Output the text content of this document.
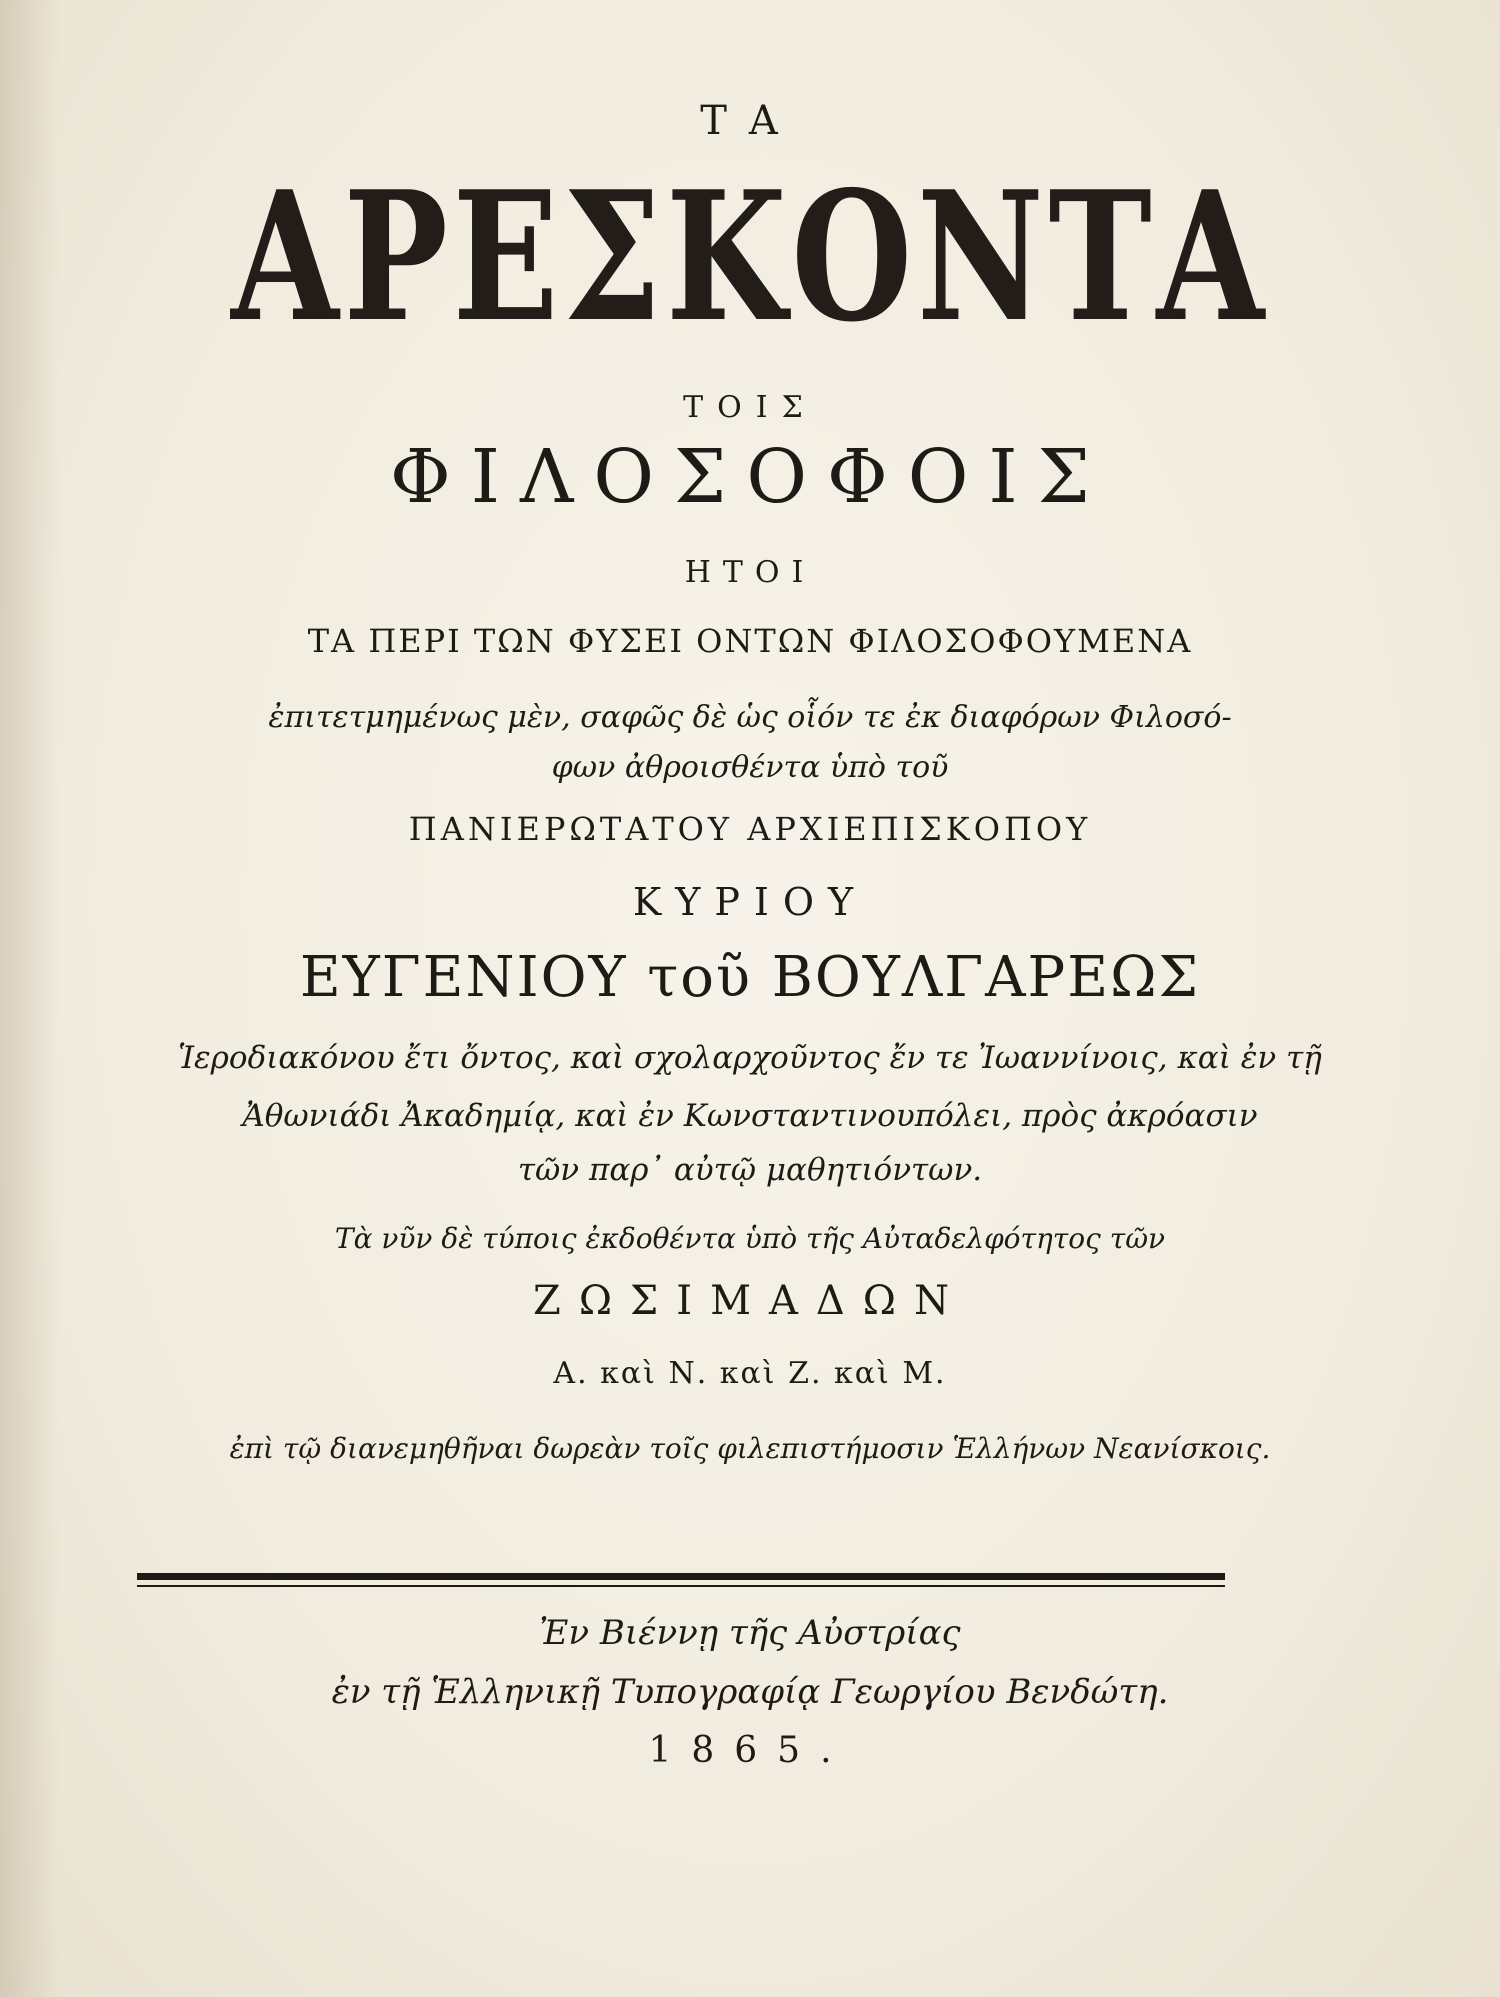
ΤΑ
ΑΡΕΣΚΟΝΤΑ
ΤΟΙΣ
ΦΙΛΟΣΟΦΟΙΣ
ΗΤΟΙ
ΤΑ ΠΕΡΙ ΤΩΝ ΦΥΣΕΙ ΟΝΤΩΝ ΦΙΛΟΣΟΦΟΥΜΕΝΑ
ἐπιτετμημένως μὲν, σαφῶς δὲ ὡς οἷόν τε ἐκ διαφόρων Φιλοσό-
φων ἀθροισθέντα ὑπὸ τοῦ
ΠΑΝΙΕΡΩΤΑΤΟΥ ΑΡΧΙΕΠΙΣΚΟΠΟΥ
ΚΥΡΙΟΥ
ΕΥΓΕΝΙΟΥ τοῦ ΒΟΥΛΓΑΡΕΩΣ
Ἱεροδιακόνου ἔτι ὄντος, καὶ σχολαρχοῦντος ἔν τε Ἰωαννίνοις, καὶ ἐν τῇ
Ἀθωνιάδι Ἀκαδημίᾳ, καὶ ἐν Κωνσταντινουπόλει, πρὸς ἀκρόασιν
τῶν παρ᾽ αὐτῷ μαθητιόντων.
Τὰ νῦν δὲ τύποις ἐκδοθέντα ὑπὸ τῆς Αὐταδελφότητος τῶν
ΖΩΣΙΜΑΔΩΝ
Α. καὶ Ν. καὶ Ζ. καὶ Μ.
ἐπὶ τῷ διανεμηθῆναι δωρεὰν τοῖς φιλεπιστήμοσιν Ἑλλήνων Νεανίσκοις.
Ἐν Βιέννῃ τῆς Αὐστρίας
ἐν τῇ Ἑλληνικῇ Τυπογραφίᾳ Γεωργίου Βενδώτη.
1865.
